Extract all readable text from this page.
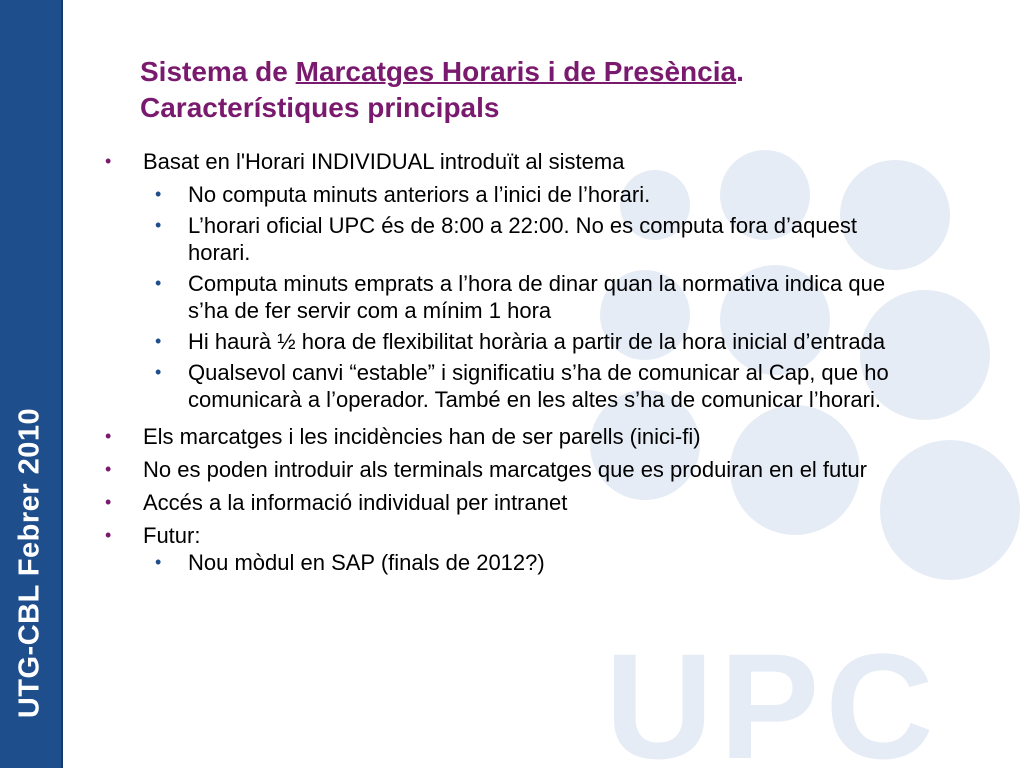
UTG-CBL Febrer 2010	UPC
Sistema de Marcatges Horaris i de Presència.
Característiques principals
• Basat en l'Horari INDIVIDUAL introduït al sistema
• No computa minuts anteriors a l’inici de l’horari.
• L’horari oficial UPC és de 8:00 a 22:00. No es computa fora d’aquest horari.
• Computa minuts emprats a l’hora de dinar quan la normativa indica que s’ha de fer servir com a mínim 1 hora
• Hi haurà ½ hora de flexibilitat horària a partir de la hora inicial d’entrada
• Qualsevol canvi “estable” i significatiu s’ha de comunicar al Cap, que ho comunicarà a l’operador. També en les altes s’ha de comunicar l’horari.
• Els marcatges i les incidències han de ser parells (inici-fi)
• No es poden introduir als terminals marcatges que es produiran en el futur
• Accés a la informació individual per intranet
• Futur:
• Nou mòdul en SAP (finals de 2012?)
